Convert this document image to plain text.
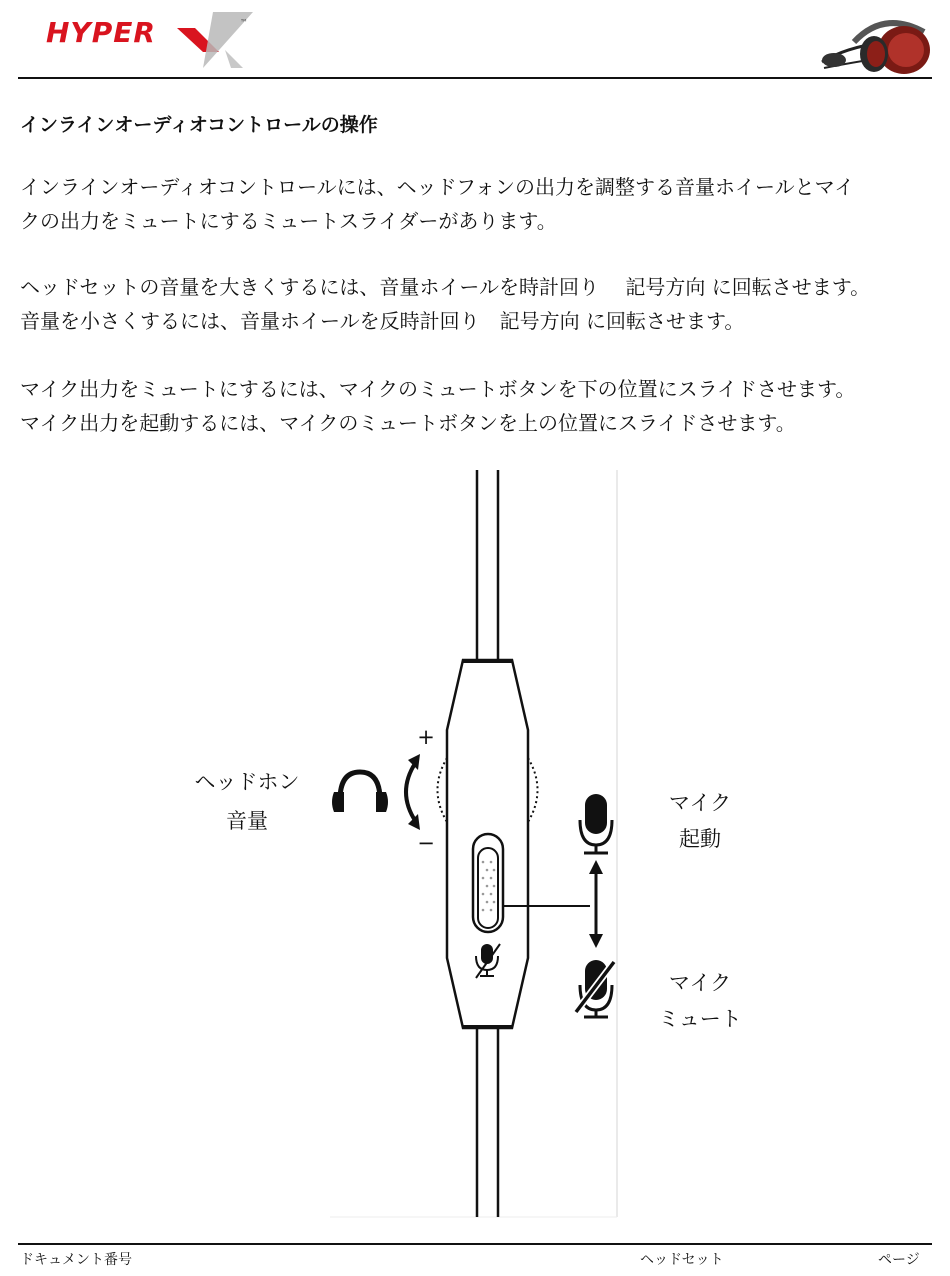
HYPER	™
インラインオーディオコントロールの操作
インラインオーディオコントロールには、ヘッドフォンの出力を調整する音量ホイールとマイ
クの出力をミュートにするミュートスライダーがあります。
ヘッドセットの音量を大きくするには、音量ホイールを時計回り　 記号方向 に回転させます。
音量を小さくするには、音量ホイールを反時計回り　記号方向 に回転させます。
マイク出力をミュートにするには、マイクのミュートボタンを下の位置にスライドさせます。
マイク出力を起動するには、マイクのミュートボタンを上の位置にスライドさせます。
+
−
ヘッドホン
音量
マイク
起動
マイク
ミュート
ドキュメント番号	ヘッドセット	ページ
